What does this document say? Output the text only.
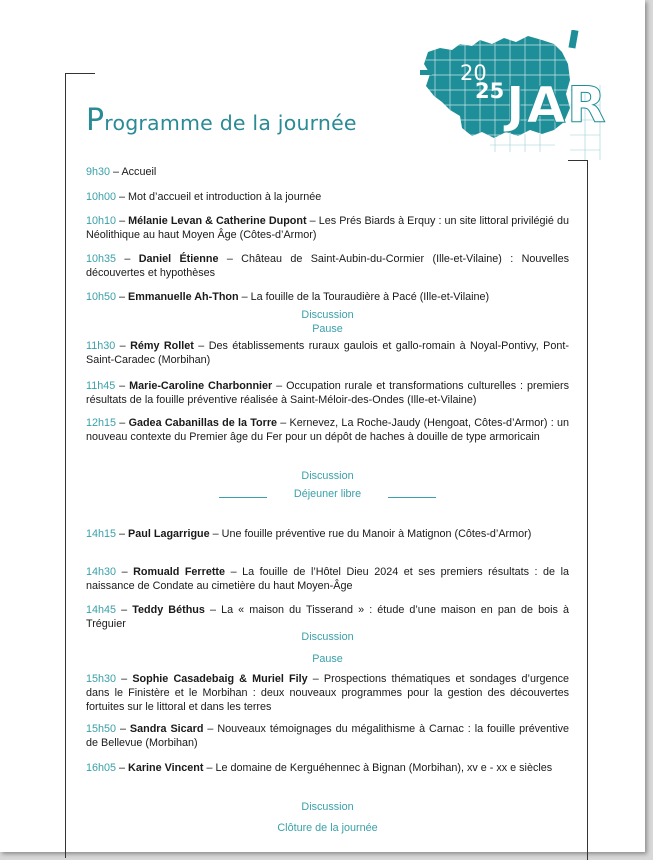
20
25 JAR
Programme de la journée
9h30 – Accueil
10h00 – Mot d’accueil et introduction à la journée
10h10 – Mélanie Levan & Catherine Dupont – Les Prés Biards à Erquy : un site littoral privilégié du Néolithique au haut Moyen Âge (Côtes-d’Armor)
10h35 – Daniel Étienne – Château de Saint-Aubin-du-Cormier (Ille-et-Vilaine) : Nouvelles découvertes et hypothèses
10h50 – Emmanuelle Ah-Thon – La fouille de la Touraudière à Pacé (Ille-et-Vilaine)
Discussion
Pause
11h30 – Rémy Rollet – Des établissements ruraux gaulois et gallo-romain à Noyal-Pontivy, Pont-Saint-Caradec (Morbihan)
11h45 – Marie-Caroline Charbonnier – Occupation rurale et transformations culturelles : premiers résultats de la fouille préventive réalisée à Saint-Méloir-des-Ondes (Ille-et-Vilaine)
12h15 – Gadea Cabanillas de la Torre – Kernevez, La Roche-Jaudy (Hengoat, Côtes-d’Armor) : un nouveau contexte du Premier âge du Fer pour un dépôt de haches à douille de type armoricain
Discussion
Déjeuner libre
14h15 – Paul Lagarrigue – Une fouille préventive rue du Manoir à Matignon (Côtes-d’Armor)
14h30 – Romuald Ferrette – La fouille de l’Hôtel Dieu 2024 et ses premiers résultats : de la naissance de Condate au cimetière du haut Moyen-Âge
14h45 – Teddy Béthus – La « maison du Tisserand » : étude d’une maison en pan de bois à Tréguier
Discussion
Pause
15h30 – Sophie Casadebaig & Muriel Fily – Prospections thématiques et sondages d’urgence dans le Finistère et le Morbihan : deux nouveaux programmes pour la gestion des découvertes fortuites sur le littoral et dans les terres
15h50 – Sandra Sicard – Nouveaux témoignages du mégalithisme à Carnac : la fouille préventive de Bellevue (Morbihan)
16h05 – Karine Vincent – Le domaine de Kerguéhennec à Bignan (Morbihan), xv e - xx e siècles
Discussion
Clôture de la journée
